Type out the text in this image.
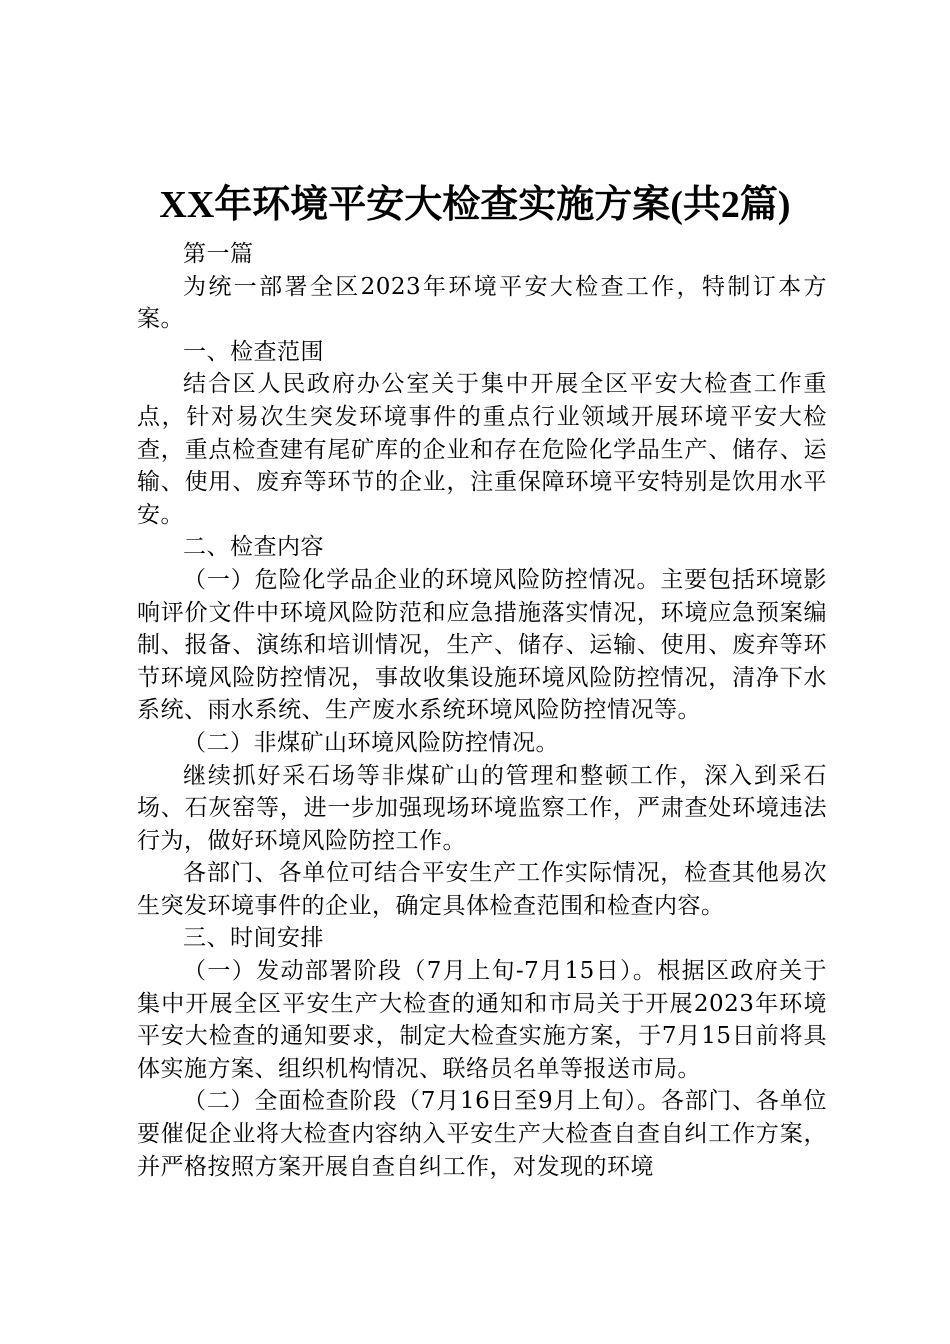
XX年环境平安大检查实施方案(共2篇)

第一篇

为统一部署全区2023年环境平安大检查工作，特制订本方案。

一、检查范围

结合区人民政府办公室关于集中开展全区平安大检查工作重点，针对易次生突发环境事件的重点行业领域开展环境平安大检查，重点检查建有尾矿库的企业和存在危险化学品生产、储存、运输、使用、废弃等环节的企业，注重保障环境平安特别是饮用水平安。

二、检查内容

（一）危险化学品企业的环境风险防控情况。主要包括环境影响评价文件中环境风险防范和应急措施落实情况，环境应急预案编制、报备、演练和培训情况，生产、储存、运输、使用、废弃等环节环境风险防控情况，事故收集设施环境风险防控情况，清净下水系统、雨水系统、生产废水系统环境风险防控情况等。

（二）非煤矿山环境风险防控情况。

继续抓好采石场等非煤矿山的管理和整顿工作，深入到采石场、石灰窑等，进一步加强现场环境监察工作，严肃查处环境违法行为，做好环境风险防控工作。

各部门、各单位可结合平安生产工作实际情况，检查其他易次生突发环境事件的企业，确定具体检查范围和检查内容。

三、时间安排

（一）发动部署阶段（7月上旬-7月15日）。根据区政府关于集中开展全区平安生产大检查的通知和市局关于开展2023年环境平安大检查的通知要求，制定大检查实施方案，于7月15日前将具体实施方案、组织机构情况、联络员名单等报送市局。

（二）全面检查阶段（7月16日至9月上旬）。各部门、各单位要催促企业将大检查内容纳入平安生产大检查自查自纠工作方案，并严格按照方案开展自查自纠工作，对发现的环境
